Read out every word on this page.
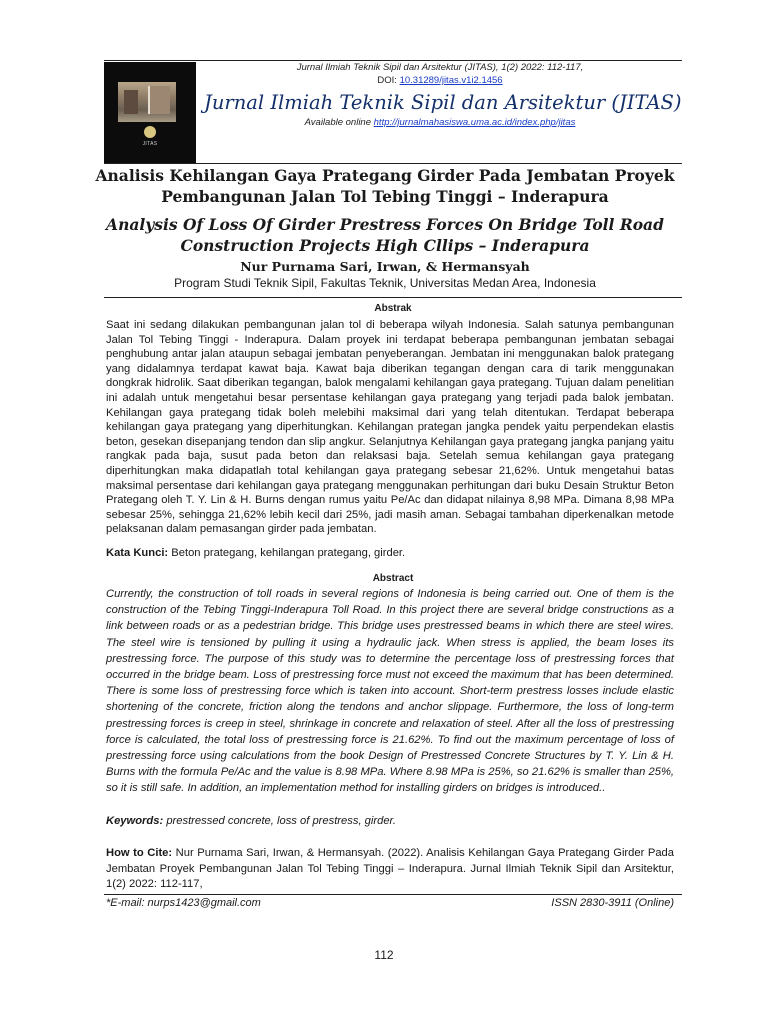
JITAS
Jurnal Ilmiah Teknik Sipil dan Arsitektur (JITAS), 1(2) 2022: 112-117,
DOI: 10.31289/jitas.v1i2.1456
Jurnal Ilmiah Teknik Sipil dan Arsitektur (JITAS)
Available online http://jurnalmahasiswa.uma.ac.id/index.php/jitas
Analisis Kehilangan Gaya Prategang Girder Pada Jembatan Proyek
Pembangunan Jalan Tol Tebing Tinggi – Inderapura
Analysis Of Loss Of Girder Prestress Forces On Bridge Toll Road
Construction Projects High Cllips – Inderapura
Nur Purnama Sari, Irwan, & Hermansyah
Program Studi Teknik Sipil, Fakultas Teknik, Universitas Medan Area, Indonesia
Abstrak
Saat ini sedang dilakukan pembangunan jalan tol di beberapa wilyah Indonesia. Salah satunya pembangunan Jalan Tol Tebing Tinggi - Inderapura. Dalam proyek ini terdapat beberapa pembangunan jembatan sebagai penghubung antar jalan ataupun sebagai jembatan penyeberangan. Jembatan ini menggunakan balok prategang yang didalamnya terdapat kawat baja. Kawat baja diberikan tegangan dengan cara di tarik menggunakan dongkrak hidrolik. Saat diberikan tegangan, balok mengalami kehilangan gaya prategang. Tujuan dalam penelitian ini adalah untuk mengetahui besar persentase kehilangan gaya prategang yang terjadi pada balok jembatan. Kehilangan gaya prategang tidak boleh melebihi maksimal dari yang telah ditentukan. Terdapat beberapa kehilangan gaya prategang yang diperhitungkan. Kehilangan prategan jangka pendek yaitu perpendekan elastis beton, gesekan disepanjang tendon dan slip angkur. Selanjutnya Kehilangan gaya prategang jangka panjang yaitu rangkak pada baja, susut pada beton dan relaksasi baja. Setelah semua kehilangan gaya prategang diperhitungkan maka didapatlah total kehilangan gaya prategang sebesar 21,62%. Untuk mengetahui batas maksimal persentase dari kehilangan gaya prategang menggunakan perhitungan dari buku Desain Struktur Beton Prategang oleh T. Y. Lin & H. Burns dengan rumus yaitu Pe/Ac dan didapat nilainya 8,98 MPa. Dimana 8,98 MPa sebesar 25%, sehingga 21,62% lebih kecil dari 25%, jadi masih aman. Sebagai tambahan diperkenalkan metode pelaksanan dalam pemasangan girder pada jembatan.
Kata Kunci: Beton prategang, kehilangan prategang, girder.
Abstract
Currently, the construction of toll roads in several regions of Indonesia is being carried out. One of them is the construction of the Tebing Tinggi-Inderapura Toll Road. In this project there are several bridge constructions as a link between roads or as a pedestrian bridge. This bridge uses prestressed beams in which there are steel wires. The steel wire is tensioned by pulling it using a hydraulic jack. When stress is applied, the beam loses its prestressing force. The purpose of this study was to determine the percentage loss of prestressing forces that occurred in the bridge beam. Loss of prestressing force must not exceed the maximum that has been determined. There is some loss of prestressing force which is taken into account. Short-term prestress losses include elastic shortening of the concrete, friction along the tendons and anchor slippage. Furthermore, the loss of long-term prestressing forces is creep in steel, shrinkage in concrete and relaxation of steel. After all the loss of prestressing force is calculated, the total loss of prestressing force is 21.62%. To find out the maximum percentage of loss of prestressing force using calculations from the book Design of Prestressed Concrete Structures by T. Y. Lin & H. Burns with the formula Pe/Ac and the value is 8.98 MPa. Where 8.98 MPa is 25%, so 21.62% is smaller than 25%, so it is still safe. In addition, an implementation method for installing girders on bridges is introduced..
Keywords: prestressed concrete, loss of prestress, girder.
How to Cite: Nur Purnama Sari, Irwan, & Hermansyah. (2022). Analisis Kehilangan Gaya Prategang Girder Pada Jembatan Proyek Pembangunan Jalan Tol Tebing Tinggi – Inderapura. Jurnal Ilmiah Teknik Sipil dan Arsitektur, 1(2) 2022: 112-117,
*E-mail: nurps1423@gmail.com	ISSN 2830-3911 (Online)
112
